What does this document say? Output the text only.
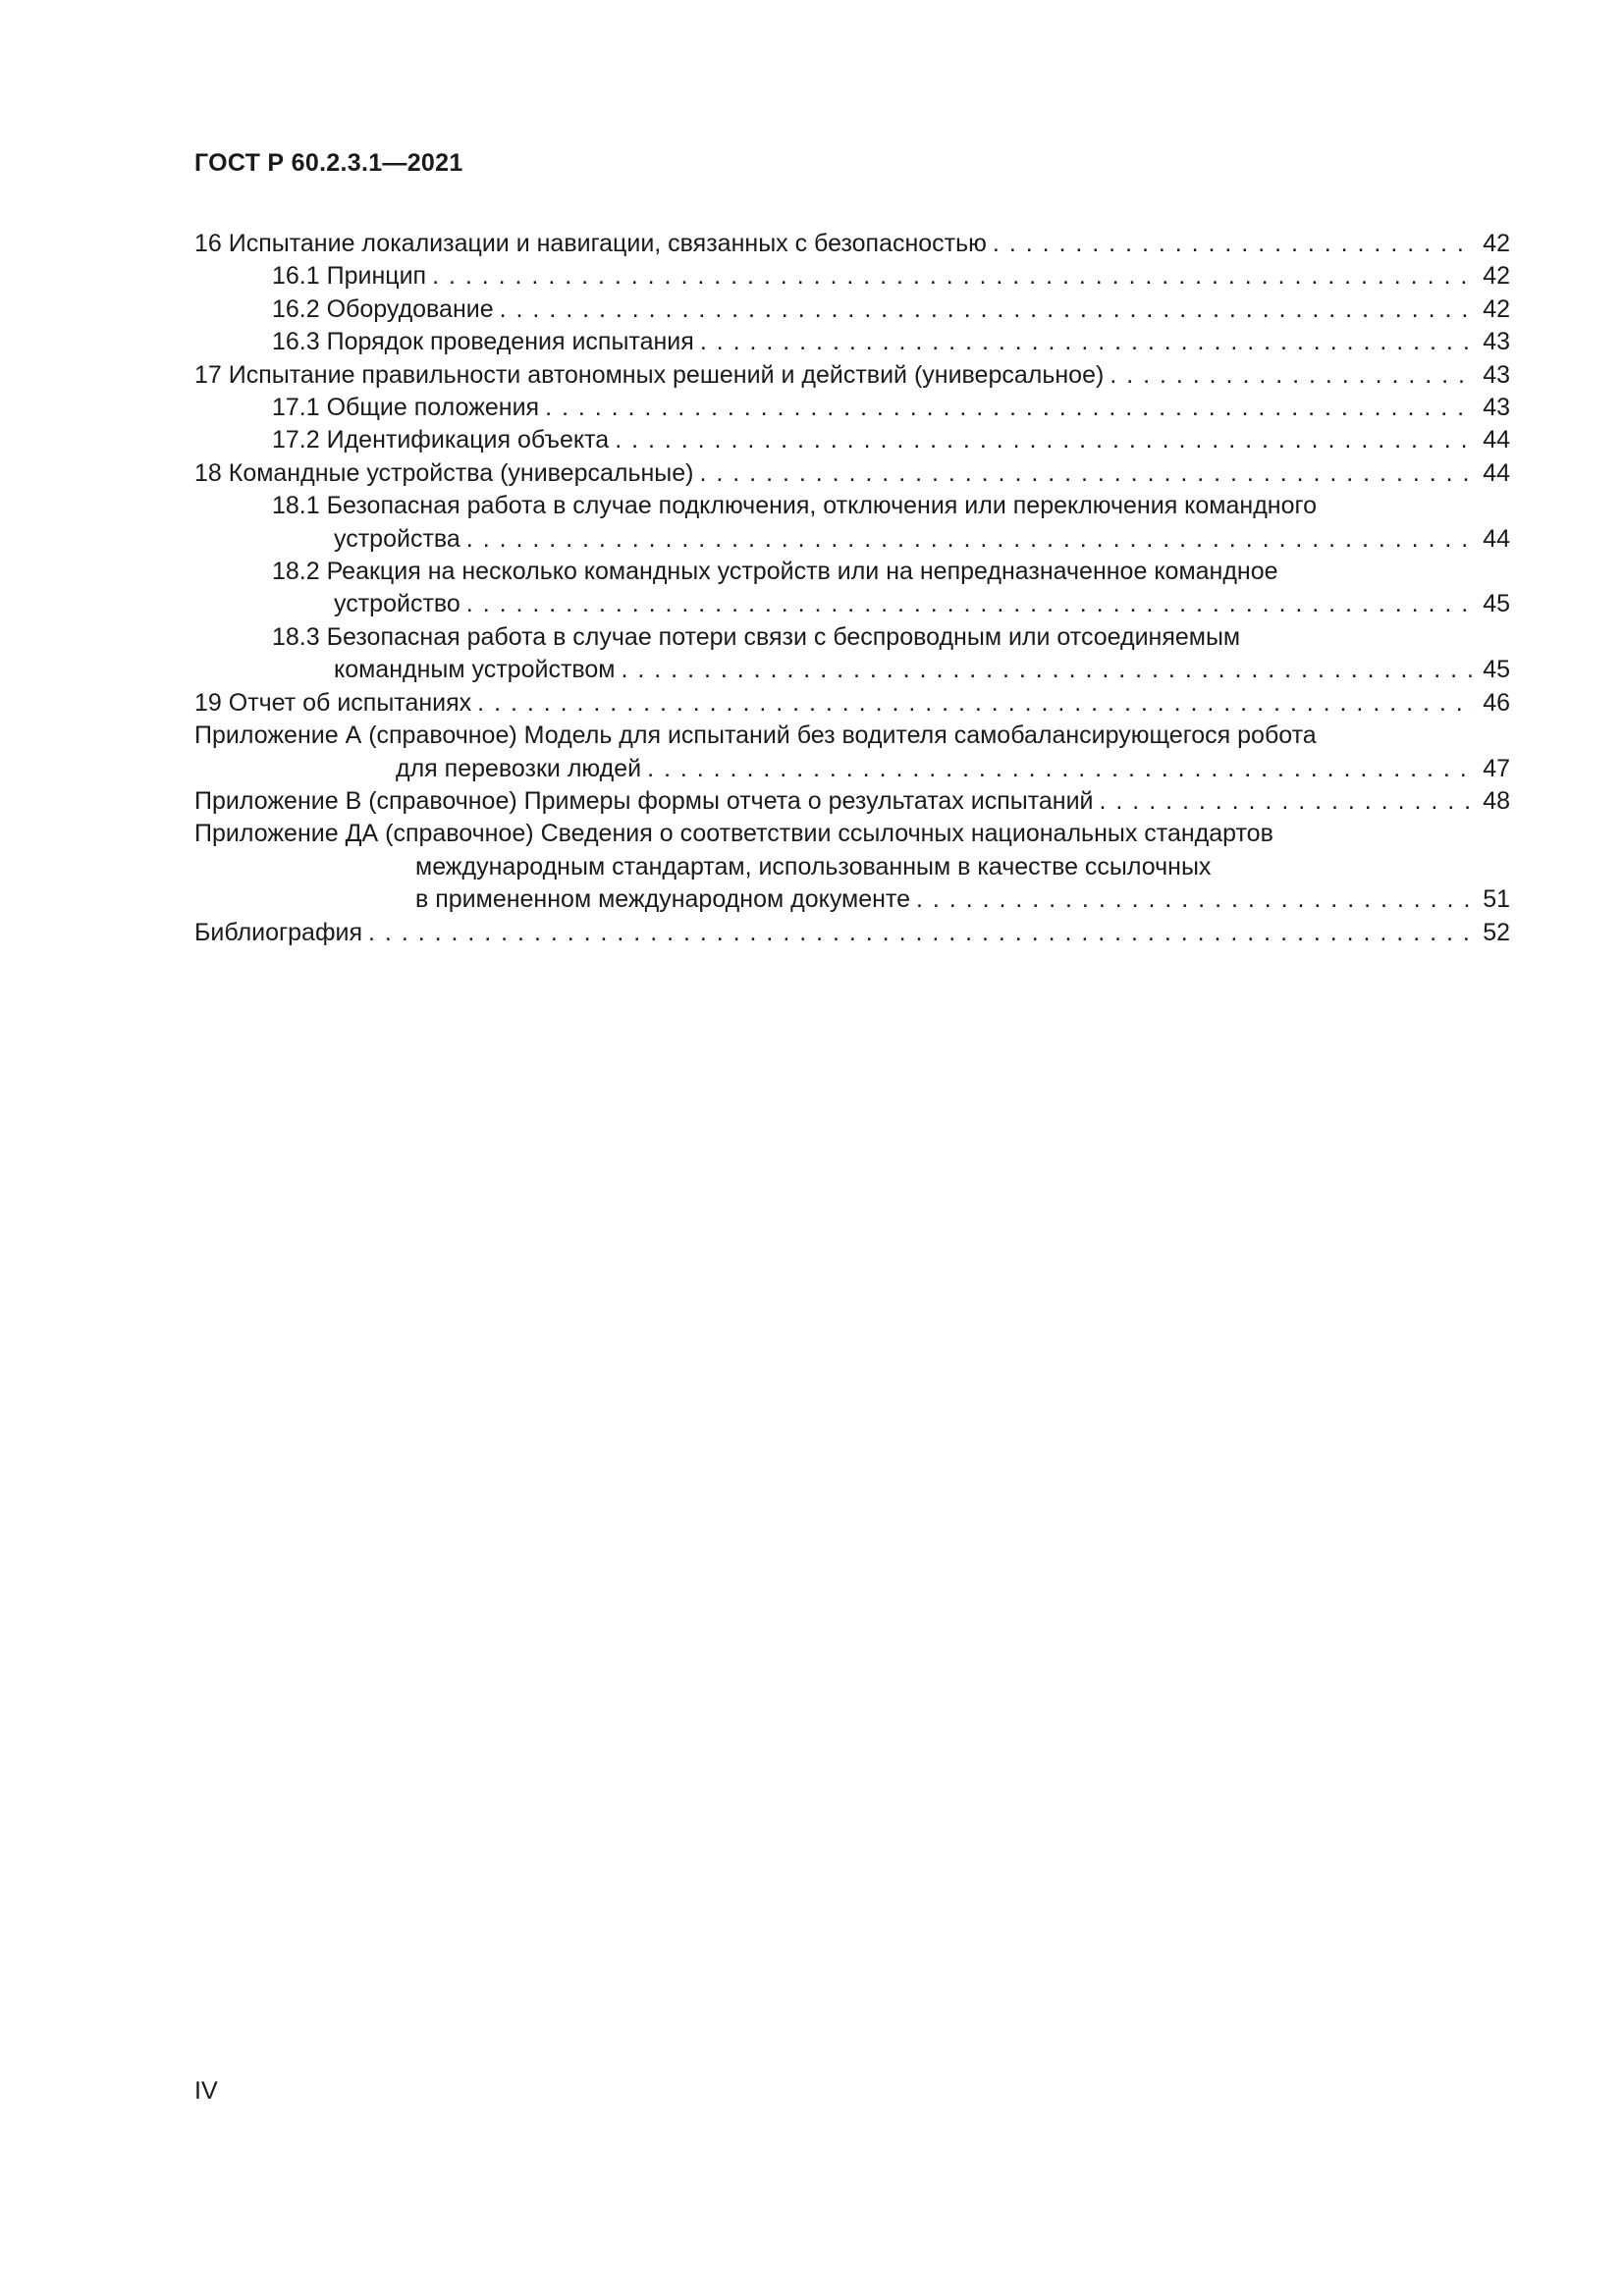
ГОСТ Р 60.2.3.1—2021
16 Испытание локализации и навигации, связанных с безопасностью . . .	42
16.1 Принцип . . .	42
16.2 Оборудование . . .	42
16.3 Порядок проведения испытания . . .	43
17 Испытание правильности автономных решений и действий (универсальное) . . .	43
17.1 Общие положения . . .	43
17.2 Идентификация объекта . . .	44
18 Командные устройства (универсальные) . . .	44
18.1 Безопасная работа в случае подключения, отключения или переключения командного
устройства . . .	44
18.2 Реакция на несколько командных устройств или на непредназначенное командное
устройство . . .	45
18.3 Безопасная работа в случае потери связи с беспроводным или отсоединяемым
командным устройством . . .	45
19 Отчет об испытаниях . . .	46
Приложение А (справочное) Модель для испытаний без водителя самобалансирующегося робота
для перевозки людей . . .	47
Приложение В (справочное) Примеры формы отчета о результатах испытаний . . .	48
Приложение ДА (справочное) Сведения о соответствии ссылочных национальных стандартов
международным стандартам, использованным в качестве ссылочных
в примененном международном документе . . .	51
Библиография . . .	52
IV
